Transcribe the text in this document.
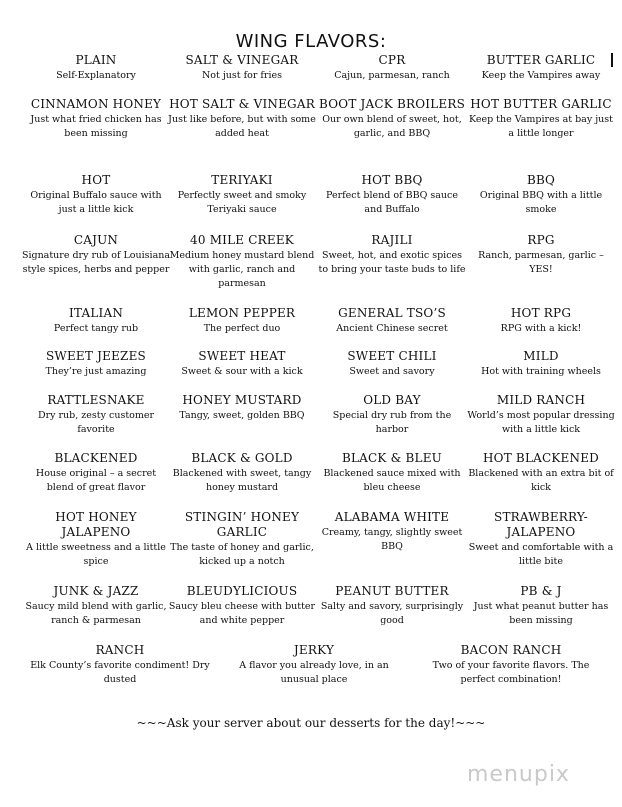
WING FLAVORS:
PLAIN
Self-Explanatory
SALT & VINEGAR
Not just for fries
CPR
Cajun, parmesan, ranch
BUTTER GARLIC
Keep the Vampires away
CINNAMON HONEY
Just what fried chicken has been missing
HOT SALT & VINEGAR
Just like before, but with some added heat
BOOT JACK BROILERS
Our own blend of sweet, hot, garlic, and BBQ
HOT BUTTER GARLIC
Keep the Vampires at bay just a little longer
HOT
Original Buffalo sauce with just a little kick
TERIYAKI
Perfectly sweet and smoky Teriyaki sauce
HOT BBQ
Perfect blend of BBQ sauce and Buffalo
BBQ
Original BBQ with a little smoke
CAJUN
Signature dry rub of Louisiana style spices, herbs and pepper
40 MILE CREEK
Medium honey mustard blend with garlic, ranch and parmesan
RAJILI
Sweet, hot, and exotic spices to bring your taste buds to life
RPG
Ranch, parmesan, garlic – YES!
ITALIAN
Perfect tangy rub
LEMON PEPPER
The perfect duo
GENERAL TSO’S
Ancient Chinese secret
HOT RPG
RPG with a kick!
SWEET JEEZES
They’re just amazing
SWEET HEAT
Sweet & sour with a kick
SWEET CHILI
Sweet and savory
MILD
Hot with training wheels
RATTLESNAKE
Dry rub, zesty customer favorite
HONEY MUSTARD
Tangy, sweet, golden BBQ
OLD BAY
Special dry rub from the harbor
MILD RANCH
World’s most popular dressing with a little kick
BLACKENED
House original – a secret blend of great flavor
BLACK & GOLD
Blackened with sweet, tangy honey mustard
BLACK & BLEU
Blackened sauce mixed with bleu cheese
HOT BLACKENED
Blackened with an extra bit of kick
HOT HONEY JALAPENO
A little sweetness and a little spice
STINGIN’ HONEY GARLIC
The taste of honey and garlic, kicked up a notch
ALABAMA WHITE
Creamy, tangy, slightly sweet BBQ
STRAWBERRY-JALAPENO
Sweet and comfortable with a little bite
JUNK & JAZZ
Saucy mild blend with garlic, ranch & parmesan
BLEUDYLICIOUS
Saucy bleu cheese with butter and white pepper
PEANUT BUTTER
Salty and savory, surprisingly good
PB & J
Just what peanut butter has been missing
RANCH
Elk County’s favorite condiment! Dry dusted
JERKY
A flavor you already love, in an unusual place
BACON RANCH
Two of your favorite flavors. The perfect combination!
~~~Ask your server about our desserts for the day!~~~
menupix
